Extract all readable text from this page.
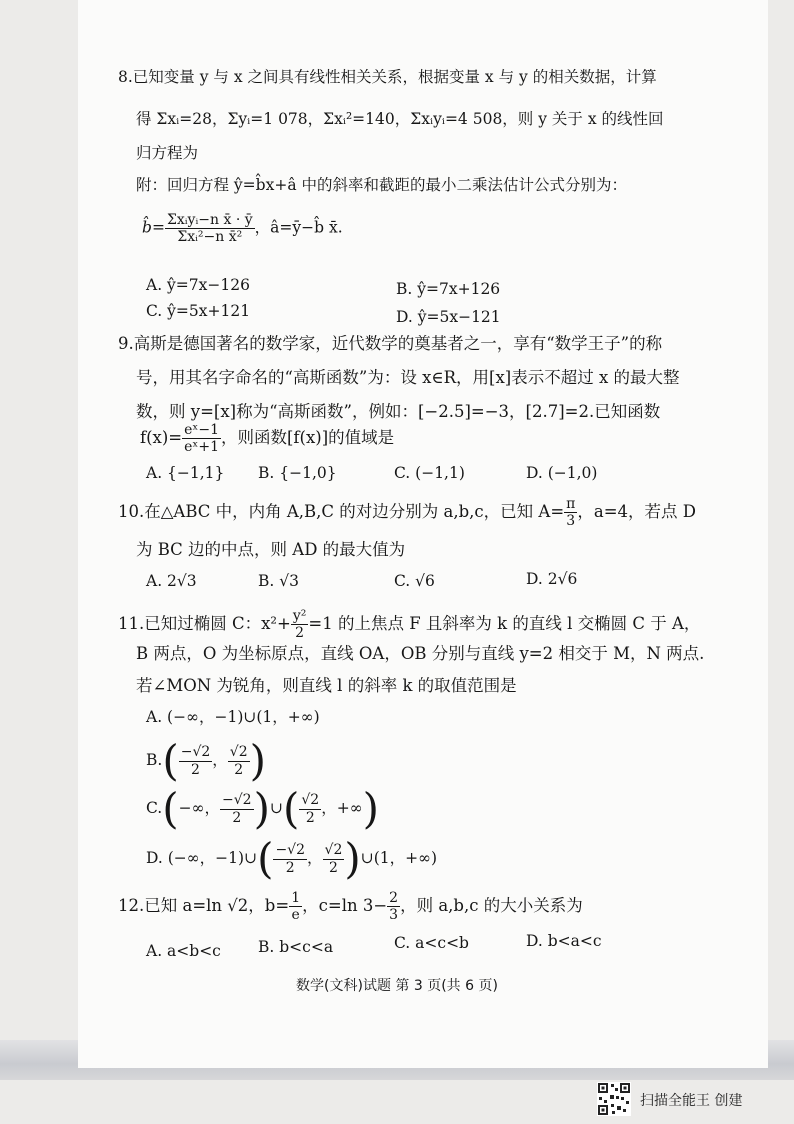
8.已知变量 y 与 x 之间具有线性相关关系，根据变量 x 与 y 的相关数据，计算
得 Σxᵢ=28，Σyᵢ=1 078，Σxᵢ²=140，Σxᵢyᵢ=4 508，则 y 关于 x 的线性回
归方程为
附：回归方程 ŷ=b̂x+â 中的斜率和截距的最小二乘法估计公式分别为：
b̂= $\frac{\text{Σxᵢyᵢ−n x̄ · ȳ}}{\text{Σxᵢ²−n x̄²}}$ ，â=ȳ−b̂ x̄.
A. ŷ=7x−126	B. ŷ=7x+126
C. ŷ=5x+121	D. ŷ=5x−121
9.高斯是德国著名的数学家，近代数学的奠基者之一，享有“数学王子”的称
号，用其名字命名的“高斯函数”为：设 x∈R，用[x]表示不超过 x 的最大整
数，则 y=[x]称为“高斯函数”，例如：[−2.5]=−3，[2.7]=2.已知函数
$f(x)= \frac{\text{eˣ−1}}{\text{eˣ+1}}$ ，则函数[f(x)]的值域是
A. {−1,1} B. {−1,0}	C. (−1,1)	D. (−1,0)
10.在△ABC 中，内角 A,B,C 的对边分别为 a,b,c，已知 $A= \frac{\pi}{3}$ ，a=4，若点 D
为 BC 边的中点，则 AD 的最大值为
A. 2√3	B. √3	C. √6	D. 2√6
11.已知过椭圆 C：$x^2+ \frac{\text{y²}}{2} =1$ 的上焦点 F 且斜率为 k 的直线 l 交椭圆 C 于 A，
B 两点，O 为坐标原点，直线 OA，OB 分别与直线 y=2 相交于 M，N 两点.
若∠MON 为锐角，则直线 l 的斜率 k 的取值范围是
A. (−∞，−1)∪(1，+∞)
$B.( \frac{-√2}{2}$ ， $\frac{√2}{2}$ )
C.(−∞， $\frac{-√2}{2}$ )∪( $\frac{√2}{2}$ ，+∞)
D. (−∞，−1)∪( $\frac{-√2}{2}$ ， $\frac{√2}{2}$ )∪(1，+∞)
12.已知 a=ln √2，$b= \frac{1}{e}$ ，c=ln $3- \frac{2}{3}$ ，则 a,b,c 的大小关系为
A. a<b<c B. b<c<a	C. a<c<b	D. b<a<c
数学(文科)试题 第 3 页(共 6 页)
扫描全能王 创建
